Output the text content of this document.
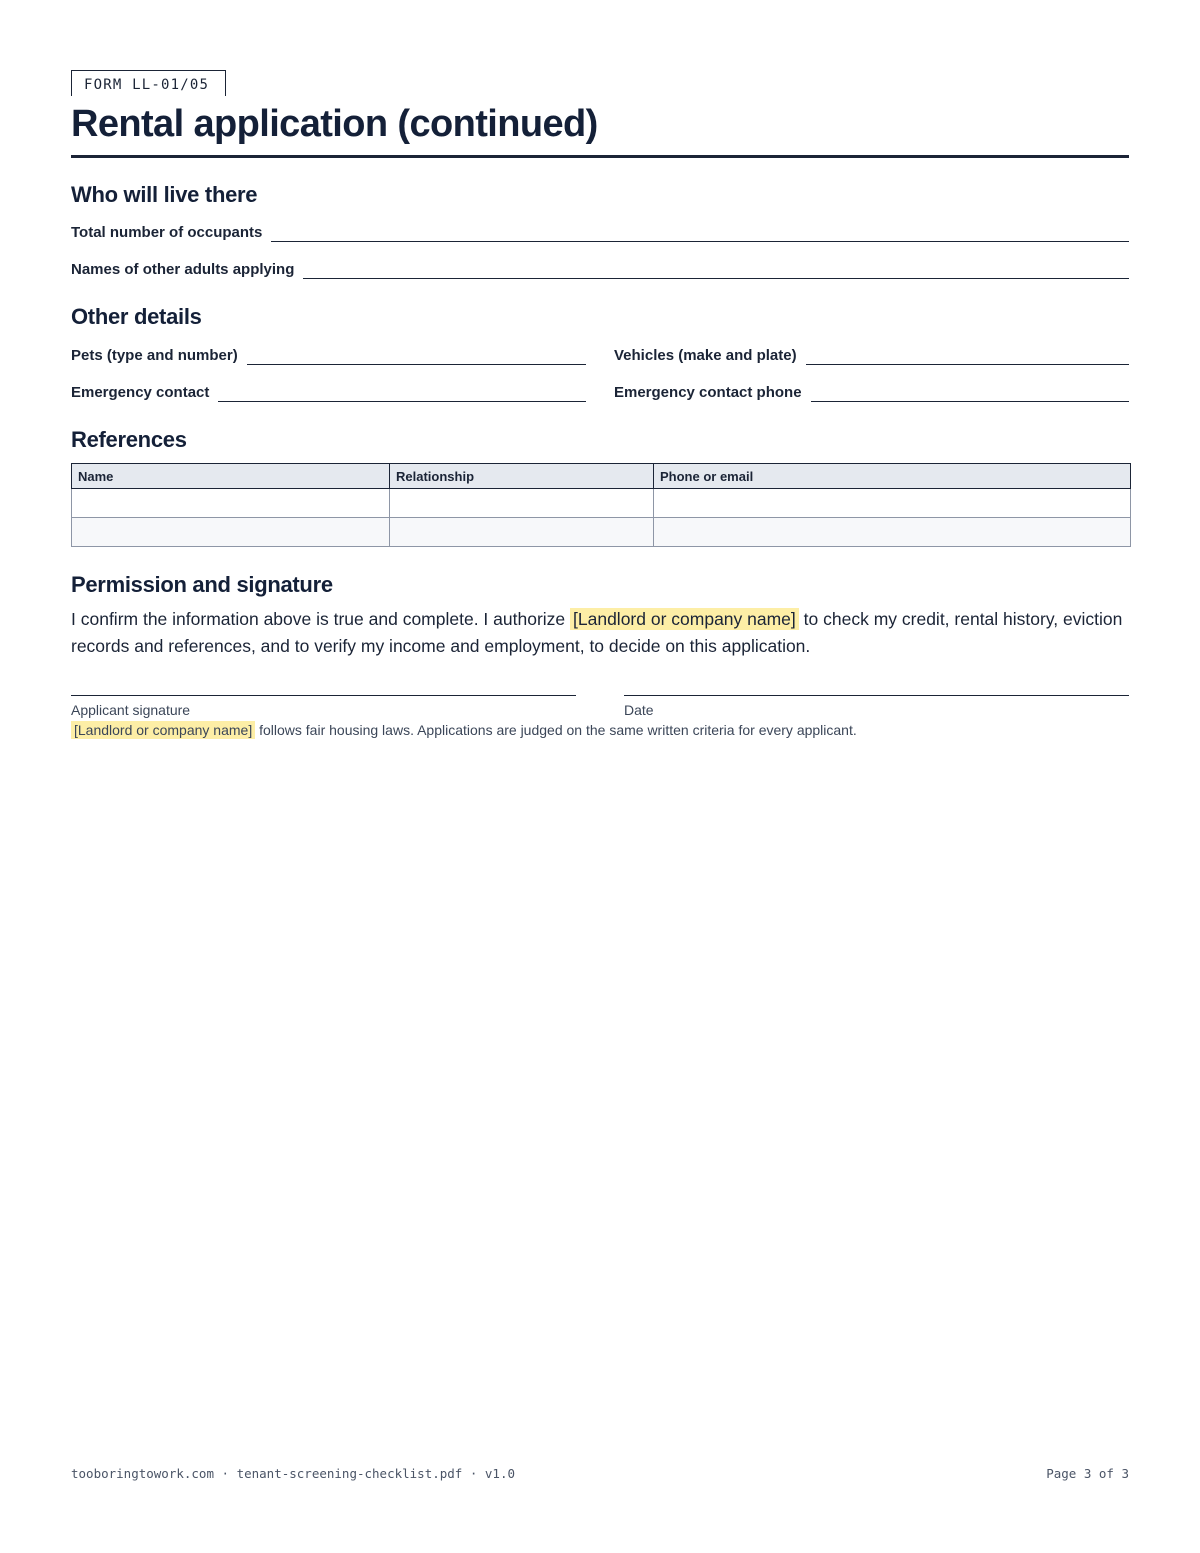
FORM LL-01/05
Rental application (continued)
Who will live there
Total number of occupants
Names of other adults applying
Other details
Pets (type and number)	Vehicles (make and plate)
Emergency contact	Emergency contact phone
References
Name	Relationship	Phone or email

Permission and signature

I confirm the information above is true and complete. I authorize [Landlord or company name] to check my credit, rental history, eviction records and references, and to verify my income and employment, to decide on this application.

Applicant signature	Date
[Landlord or company name] follows fair housing laws. Applications are judged on the same written criteria for every applicant.
tooboringtowork.com · tenant-screening-checklist.pdf · v1.0	Page 3 of 3
